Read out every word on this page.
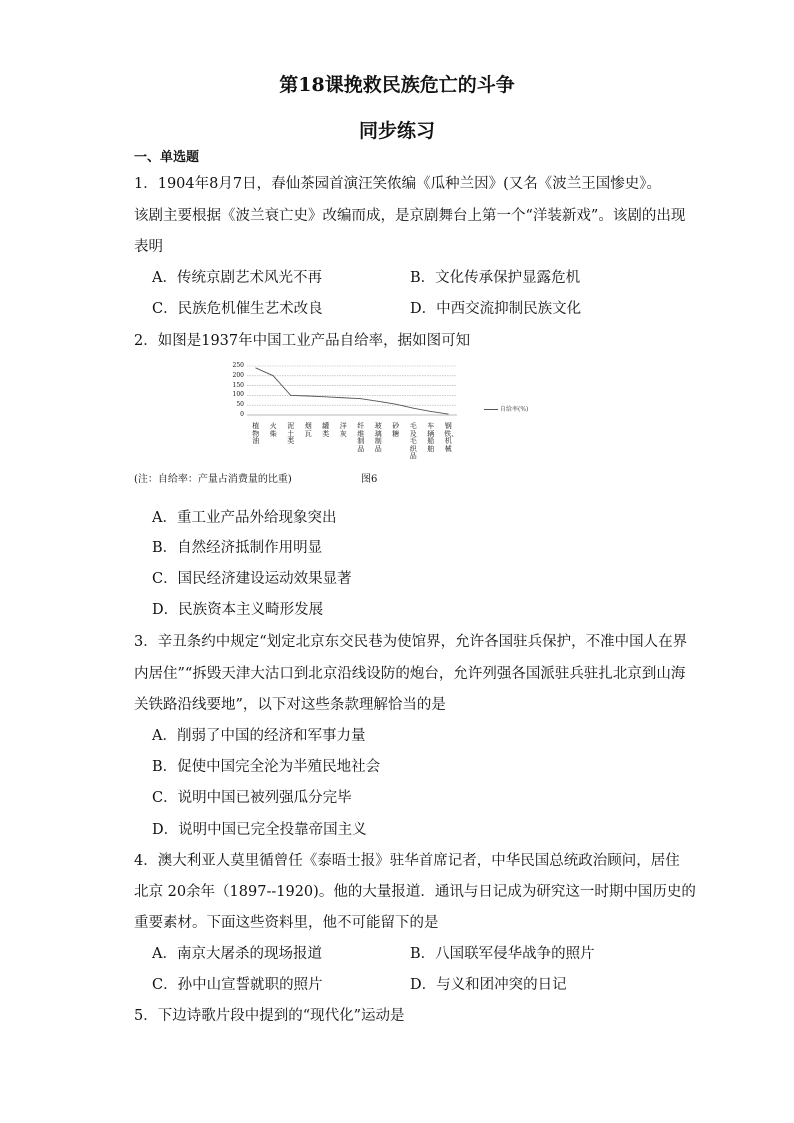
第18课挽救民族危亡的斗争
同步练习
一、单选题
1．1904年8月7日，春仙茶园首演汪笑侬编《瓜种兰因》(又名《波兰王国惨史》。
该剧主要根据《波兰衰亡史》改编而成，是京剧舞台上第一个“洋装新戏”。该剧的出现
表明
A．传统京剧艺术风光不再	B．文化传承保护显露危机
C．民族危机催生艺术改良	D．中西交流抑制民族文化
2．如图是1937年中国工业产品自给率，据如图可知
0
50
100
150
200
250
植物油
火柴
泥土类
烟瓦
罐类
洋灰
纤维制品
玻璃制品
砂糖
毛及毛织品
车辆船舶
钢铁、机械
自给率(%)
(注：自给率：产量占消费量的比重)	图6
A．重工业产品外给现象突出
B．自然经济抵制作用明显
C．国民经济建设运动效果显著
D．民族资本主义畸形发展
3．辛丑条约中规定“划定北京东交民巷为使馆界，允许各国驻兵保护，不准中国人在界
内居住”“拆毁天津大沽口到北京沿线设防的炮台，允许列强各国派驻兵驻扎北京到山海
关铁路沿线要地”，以下对这些条款理解恰当的是
A．削弱了中国的经济和军事力量
B．促使中国完全沦为半殖民地社会
C．说明中国已被列强瓜分完毕
D．说明中国已完全投靠帝国主义
4．澳大利亚人莫里循曾任《泰晤士报》驻华首席记者，中华民国总统政治顾问，居住
北京 20余年（1897--1920)。他的大量报道．通讯与日记成为研究这一时期中国历史的
重要素材。下面这些资料里，他不可能留下的是
A．南京大屠杀的现场报道	B．八国联军侵华战争的照片
C．孙中山宣誓就职的照片	D．与义和团冲突的日记
5．下边诗歌片段中提到的“现代化”运动是
